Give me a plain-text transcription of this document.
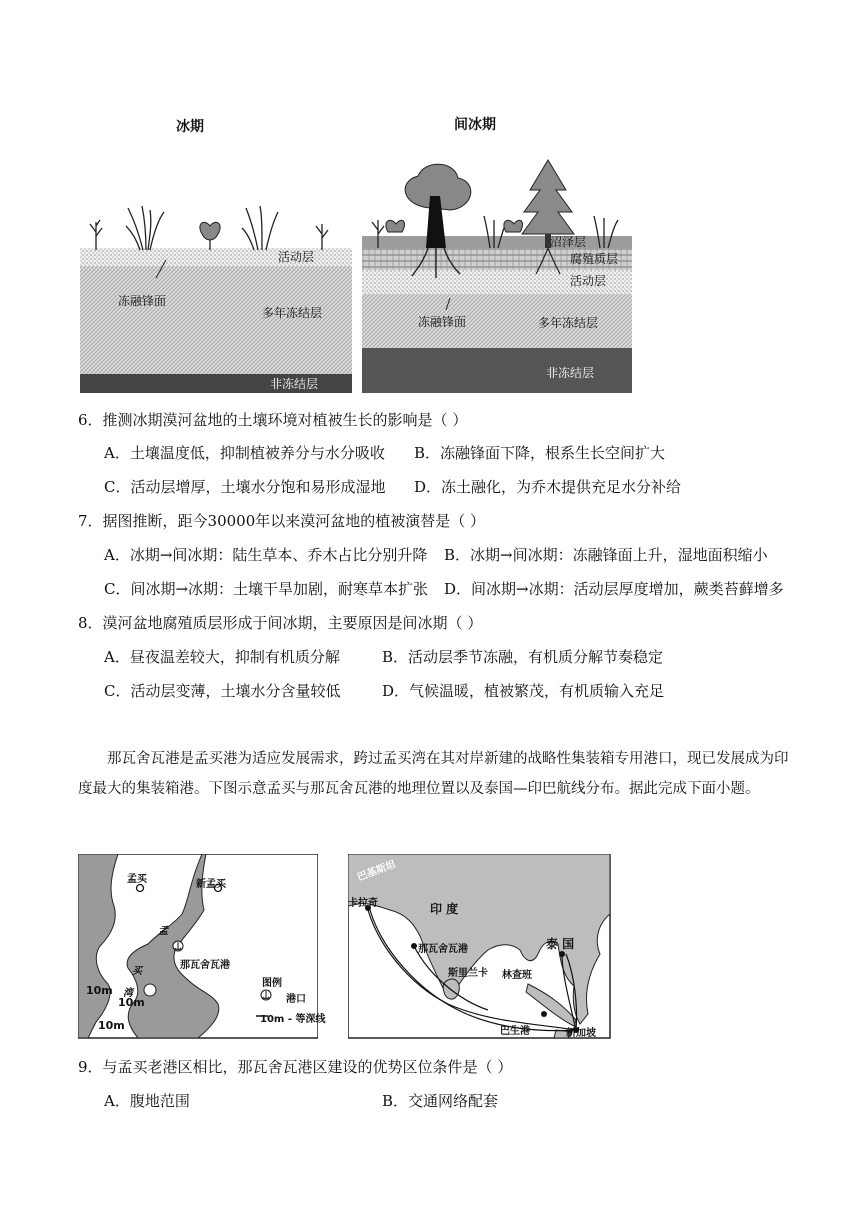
冰期	间冰期
活动层
冻融锋面
多年冻结层
非冻结层
沼泽层
腐殖质层
活动层
冻融锋面	多年冻结层
非冻结层
6．推测冰期漠河盆地的土壤环境对植被生长的影响是（ ）
A．土壤温度低，抑制植被养分与水分吸收 B．冻融锋面下降，根系生长空间扩大
C．活动层增厚，土壤水分饱和易形成湿地 D．冻土融化，为乔木提供充足水分补给
7．据图推断，距今30000年以来漠河盆地的植被演替是（ ）
A．冰期→间冰期：陆生草本、乔木占比分别升降 B．冰期→间冰期：冻融锋面上升，湿地面积缩小
C．间冰期→冰期：土壤干旱加剧，耐寒草本扩张 D．间冰期→冰期：活动层厚度增加，蕨类苔藓增多
8．漠河盆地腐殖质层形成于间冰期，主要原因是间冰期（ ）
A．昼夜温差较大，抑制有机质分解	B．活动层季节冻融，有机质分解节奏稳定
C．活动层变薄，土壤水分含量较低	D．气候温暖，植被繁茂，有机质输入充足
那瓦舍瓦港是孟买港为适应发展需求，跨过孟买湾在其对岸新建的战略性集装箱专用港口，现已发展成为印度最大的集装箱港。下图示意孟买与那瓦舍瓦港的地理位置以及泰国—印巴航线分布。据此完成下面小题。
孟买	新孟买
孟
买
湾
那瓦舍瓦港
10m
10m
10m
图例
港口
10m - 等深线
巴基斯坦
卡拉奇	印 度
那瓦舍瓦港
斯里兰卡
泰 国
林查班
巴生港	新加坡
9．与孟买老港区相比，那瓦舍瓦港区建设的优势区位条件是（ ）
A．腹地范围	B．交通网络配套
